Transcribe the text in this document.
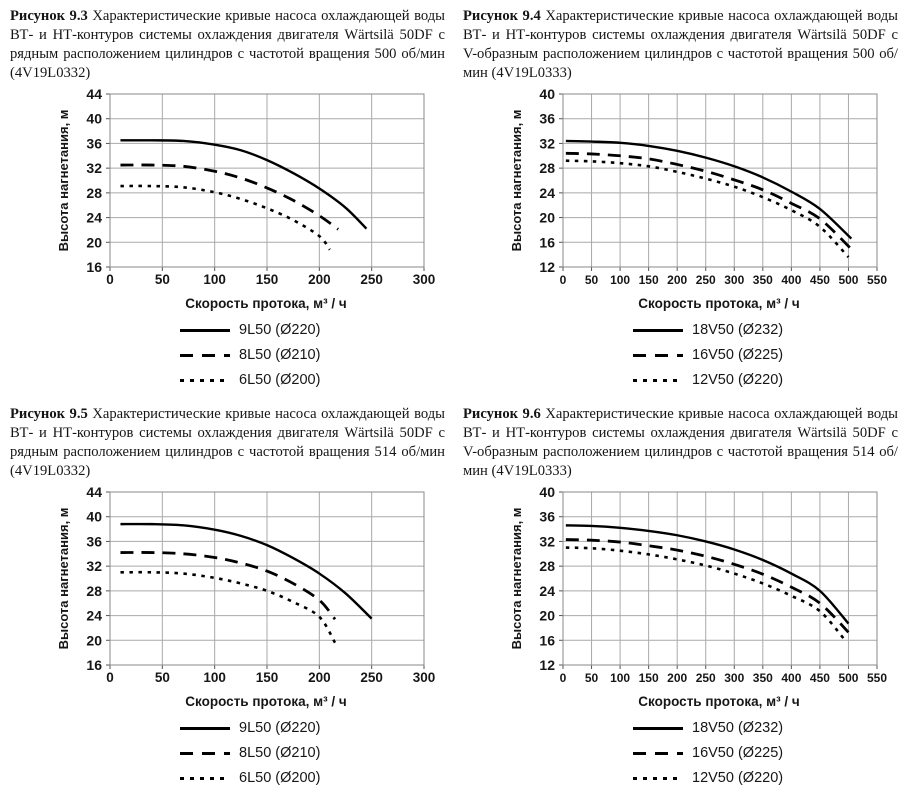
Рисунок 9.3 Характеристические кривые насоса охлаждающей воды ВТ- и НТ-контуров системы охлаждения двигателя Wärtsilä 50DF с рядным расположением цилиндров с частотой вращения 500 об/мин (4V19L0332)

0	50 100 150 200 250 300
16
20
24
28
32
36
40
44
Высота нагнетания, м
Скорость протока, м³ / ч
9L50 (Ø220)
8L50 (Ø210)
6L50 (Ø200)

Рисунок 9.4 Характеристические кривые насоса охлаждающей воды ВТ- и НТ-контуров системы охлаждения двигателя Wärtsilä 50DF с V-образным расположением цилиндров с частотой вращения 500 об/мин (4V19L0333)

0 50 100 150 200 250 300 350 400 450 500 550
12
16
20
24
28
32
36
40
Высота нагнетания, м
Скорость протока, м³ / ч
18V50 (Ø232)
16V50 (Ø225)
12V50 (Ø220)

Рисунок 9.5 Характеристические кривые насоса охлаждающей воды ВТ- и НТ-контуров системы охлаждения двигателя Wärtsilä 50DF с рядным расположением цилиндров с частотой вращения 514 об/мин (4V19L0332)

0	50 100 150 200 250 300
16
20
24
28
32
36
40
44
Высота нагнетания, м
Скорость протока, м³ / ч
9L50 (Ø220)
8L50 (Ø210)
6L50 (Ø200)

Рисунок 9.6 Характеристические кривые насоса охлаждающей воды ВТ- и НТ-контуров системы охлаждения двигателя Wärtsilä 50DF с V-образным расположением цилиндров с частотой вращения 514 об/мин (4V19L0333)

0 50 100 150 200 250 300 350 400 450 500 550
12
16
20
24
28
32
36
40
Высота нагнетания, м
Скорость протока, м³ / ч
18V50 (Ø232)
16V50 (Ø225)
12V50 (Ø220)
